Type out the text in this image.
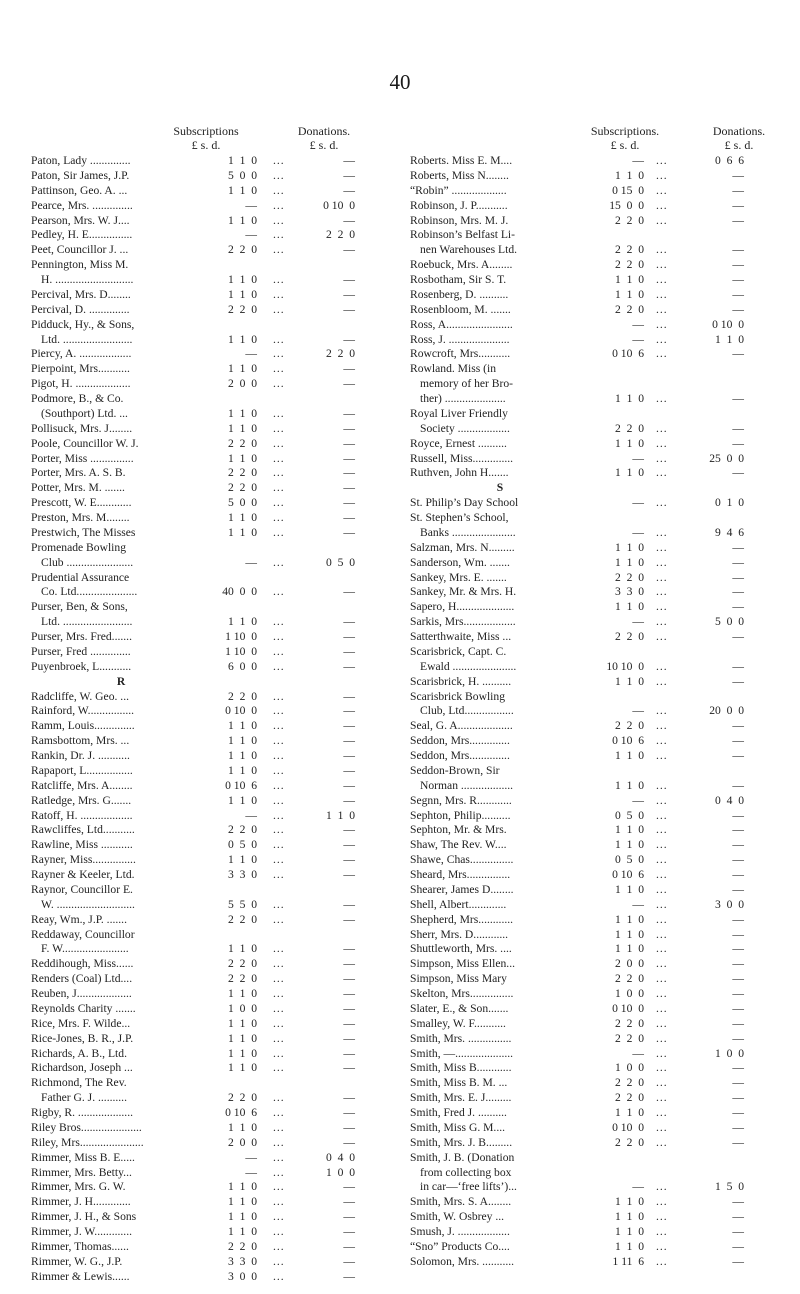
40
Subscriptions
£ s. d.
Donations.
£ s. d.
Paton, Lady ..............	1  1  0 ...	—
Paton, Sir James, J.P.	5  0  0 ...	—
Pattinson, Geo. A. ...	1  1  0 ...	—
Pearce, Mrs. ..............	— ...	0 10  0
Pearson, Mrs. W. J....	1  1  0 ...	—
Pedley, H. E...............	— ...	2  2  0
Peet, Councillor J. ...	2  2  0 ...	—
Pennington, Miss M.
H. ...........................	1  1  0 ...	—
Percival, Mrs. D........	1  1  0 ...	—
Percival, D. ..............	2  2  0 ...	—
Pidduck, Hy., & Sons,
Ltd. ........................	1  1  0 ...	—
Piercy, A. ..................	— ...	2  2  0
Pierpoint, Mrs...........	1  1  0 ...	—
Pigot, H. ...................	2  0  0 ...	—
Podmore, B., & Co.
(Southport) Ltd. ...	1  1  0 ...	—
Pollisuck, Mrs. J........	1  1  0 ...	—
Poole, Councillor W. J.	2  2  0 ...	—
Porter, Miss ...............	1  1  0 ...	—
Porter, Mrs. A. S. B.	2  2  0 ...	—
Potter, Mrs. M. .......	2  2  0 ...	—
Prescott, W. E............	5  0  0 ...	—
Preston, Mrs. M........	1  1  0 ...	—
Prestwich, The Misses	1  1  0 ...	—
Promenade Bowling
Club .......................	— ...	0  5  0
Prudential Assurance
Co. Ltd.....................	40  0  0 ...	—
Purser, Ben, & Sons,
Ltd. ........................	1  1  0 ...	—
Purser, Mrs. Fred.......	1 10  0 ...	—
Purser, Fred ..............	1 10  0 ...	—
Puyenbroek, L...........	6  0  0 ...	—
R
Radcliffe, W. Geo. ...	2  2  0 ...	—
Rainford, W................	0 10  0 ...	—
Ramm, Louis..............	1  1  0 ...	—
Ramsbottom, Mrs. ...	1  1  0 ...	—
Rankin, Dr. J. ...........	1  1  0 ...	—
Rapaport, L................	1  1  0 ...	—
Ratcliffe, Mrs. A........	0 10  6 ...	—
Ratledge, Mrs. G.......	1  1  0 ...	—
Ratoff, H. ..................	— ...	1  1  0
Rawcliffes, Ltd...........	2  2  0 ...	—
Rawline, Miss ...........	0  5  0 ...	—
Rayner, Miss...............	1  1  0 ...	—
Rayner & Keeler, Ltd.	3  3  0 ...	—
Raynor, Councillor E.
W. ...........................	5  5  0 ...	—
Reay, Wm., J.P. .......	2  2  0 ...	—
Reddaway, Councillor
F. W.......................	1  1  0 ...	—
Reddihough, Miss......	2  2  0 ...	—
Renders (Coal) Ltd....	2  2  0 ...	—
Reuben, J...................	1  1  0 ...	—
Reynolds Charity .......	1  0  0 ...	—
Rice, Mrs. F. Wilde...	1  1  0 ...	—
Rice-Jones, B. R., J.P.	1  1  0 ...	—
Richards, A. B., Ltd.	1  1  0 ...	—
Richardson, Joseph ...	1  1  0 ...	—
Richmond, The Rev.
Father G. J. ..........	2  2  0 ...	—
Rigby, R. ...................	0 10  6 ...	—
Riley Bros.....................	1  1  0 ...	—
Riley, Mrs......................	2  0  0 ...	—
Rimmer, Miss B. E.....	— ...	0  4  0
Rimmer, Mrs. Betty...	— ...	1  0  0
Rimmer, Mrs. G. W.	1  1  0 ...	—
Rimmer, J. H.............	1  1  0 ...	—
Rimmer, J. H., & Sons	1  1  0 ...	—
Rimmer, J. W.............	1  1  0 ...	—
Rimmer, Thomas......	2  2  0 ...	—
Rimmer, W. G., J.P.	3  3  0 ...	—
Rimmer & Lewis......	3  0  0 ...	—
Subscriptions.
£ s. d.
Donations.
£ s. d.
Roberts. Miss E. M....	— ...	0  6  6
Roberts, Miss N........	1  1  0 ...	—
“Robin” ...................	0 15  0 ...	—
Robinson, J. P...........	15  0  0 ...	—
Robinson, Mrs. M. J.	2  2  0 ...	—
Robinson’s Belfast Li-
nen Warehouses Ltd.	2  2  0 ...	—
Roebuck, Mrs. A........	2  2  0 ...	—
Rosbotham, Sir S. T.	1  1  0 ...	—
Rosenberg, D. ..........	1  1  0 ...	—
Rosenbloom, M. .......	2  2  0 ...	—
Ross, A.......................	— ...	0 10  0
Ross, J. .....................	— ...	1  1  0
Rowcroft, Mrs...........	0 10  6 ...	—
Rowland. Miss (in
memory of her Bro-
ther) .....................	1  1  0 ...	—
Royal Liver Friendly
Society ..................	2  2  0 ...	—
Royce, Ernest ..........	1  1  0 ...	—
Russell, Miss..............	— ...	25  0  0
Ruthven, John H.......	1  1  0 ...	—
S
St. Philip’s Day School	— ...	0  1  0
St. Stephen’s School,
Banks ......................	— ...	9  4  6
Salzman, Mrs. N.........	1  1  0 ...	—
Sanderson, Wm. .......	1  1  0 ...	—
Sankey, Mrs. E. .......	2  2  0 ...	—
Sankey, Mr. & Mrs. H.	3  3  0 ...	—
Sapero, H....................	1  1  0 ...	—
Sarkis, Mrs..................	— ...	5  0  0
Satterthwaite, Miss ...	2  2  0 ...	—
Scarisbrick, Capt. C.
Ewald ......................	10 10  0 ...	—
Scarisbrick, H. ..........	1  1  0 ...	—
Scarisbrick Bowling
Club, Ltd.................	— ...	20  0  0
Seal, G. A...................	2  2  0 ...	—
Seddon, Mrs..............	0 10  6 ...	—
Seddon, Mrs..............	1  1  0 ...	—
Seddon-Brown, Sir
Norman ..................	1  1  0 ...	—
Segnn, Mrs. R............	— ...	0  4  0
Sephton, Philip..........	0  5  0 ...	—
Sephton, Mr. & Mrs.	1  1  0 ...	—
Shaw, The Rev. W....	1  1  0 ...	—
Shawe, Chas...............	0  5  0 ...	—
Sheard, Mrs...............	0 10  6 ...	—
Shearer, James D........	1  1  0 ...	—
Shell, Albert.............	— ...	3  0  0
Shepherd, Mrs............	1  1  0 ...	—
Sherr, Mrs. D............	1  1  0 ...	—
Shuttleworth, Mrs. ....	1  1  0 ...	—
Simpson, Miss Ellen...	2  0  0 ...	—
Simpson, Miss Mary	2  2  0 ...	—
Skelton, Mrs...............	1  0  0 ...	—
Slater, E., & Son.......	0 10  0 ...	—
Smalley, W. F...........	2  2  0 ...	—
Smith, Mrs. ...............	2  2  0 ...	—
Smith, —....................	— ...	1  0  0
Smith, Miss B............	1  0  0 ...	—
Smith, Miss B. M. ...	2  2  0 ...	—
Smith, Mrs. E. J.........	2  2  0 ...	—
Smith, Fred J. ..........	1  1  0 ...	—
Smith, Miss G. M....	0 10  0 ...	—
Smith, Mrs. J. B.........	2  2  0 ...	—
Smith, J. B. (Donation
from collecting box
in car—‘free lifts’)...	— ...	1  5  0
Smith, Mrs. S. A........	1  1  0 ...	—
Smith, W. Osbrey ...	1  1  0 ...	—
Smush, J. ..................	1  1  0 ...	—
“Sno” Products Co....	1  1  0 ...	—
Solomon, Mrs. ...........	1 11  6 ...	—
